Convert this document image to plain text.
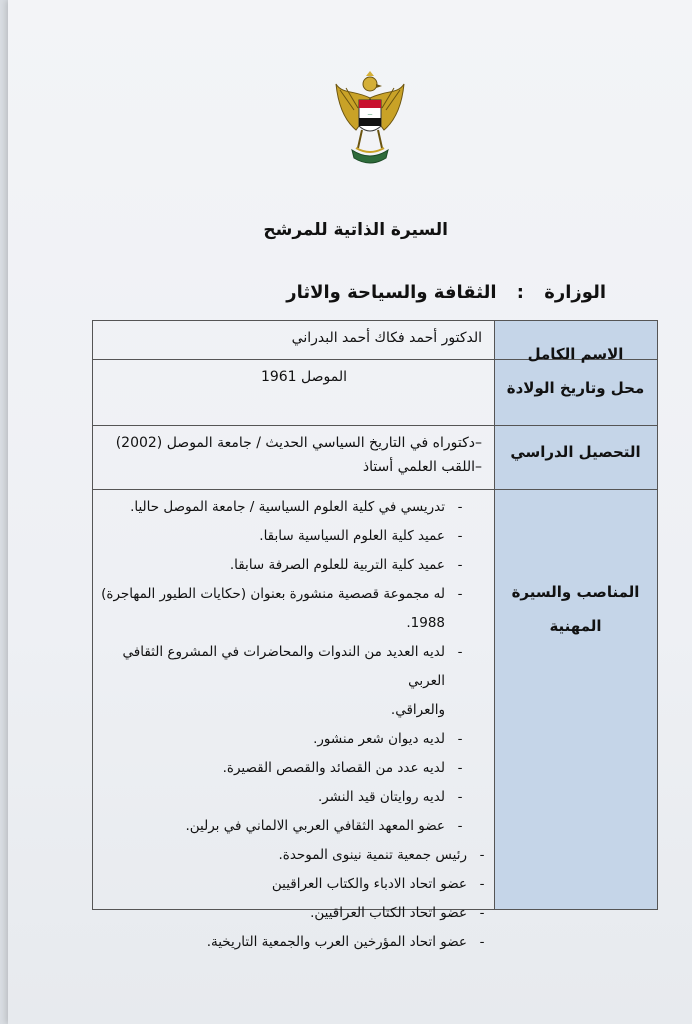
—
السيرة الذاتية للمرشح
الوزارة : الثقافة والسياحة والاثار
الاسم الكامل
الدكتور أحمد فكاك أحمد البدراني
محل وتاريخ الولادة
الموصل 1961
التحصيل الدراسي
–دكتوراه في التاريخ السياسي الحديث / جامعة الموصل (2002)
–اللقب العلمي أستاذ
المناصب والسيرة
المهنية
-
تدريسي في كلية العلوم السياسية / جامعة الموصل حاليا.
-
عميد كلية العلوم السياسية سابقا.
-
عميد كلية التربية للعلوم الصرفة سابقا.
-
له مجموعة قصصية منشورة بعنوان (حكايات الطيور المهاجرة)
1988.
-
لديه العديد من الندوات والمحاضرات في المشروع الثقافي العربي
والعراقي.
-
لديه ديوان شعر منشور.
-
لديه عدد من القصائد والقصص القصيرة.
-
لديه روايتان قيد النشر.
-
عضو المعهد الثقافي العربي الالماني في برلين.
-
رئيس جمعية تنمية نينوى الموحدة.
-
عضو اتحاد الادباء والكتاب العراقيين
-
عضو اتحاد الكتاب العراقيين.
-
عضو اتحاد المؤرخين العرب والجمعية التاريخية.
